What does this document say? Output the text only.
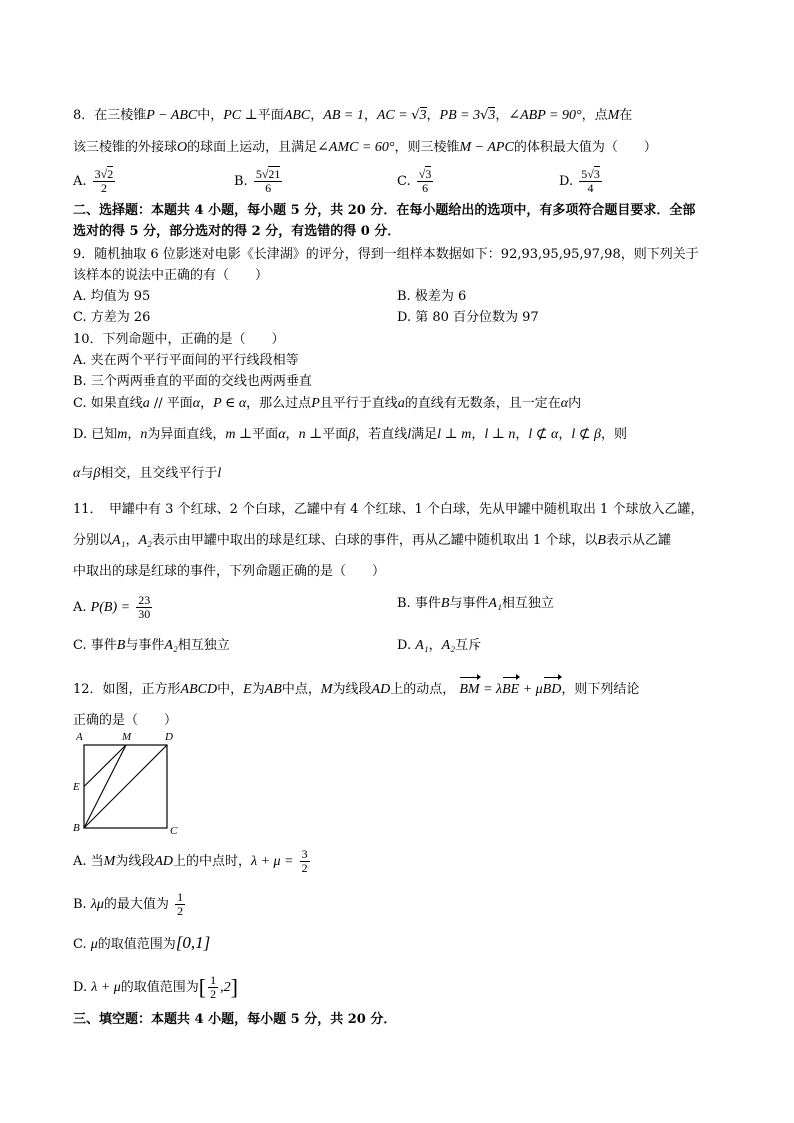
8．在三棱锥P − ABC中，PC ⊥平面ABC，AB = 1，AC = √3，PB = 3√3，∠ABP = 90°，点M在
该三棱锥的外接球O的球面上运动，且满足∠AMC = 60°，则三棱锥M − APC的体积最大值为（　　）
A. $\frac{3√2}{2}$	B. $\frac{5√21}{6}$	C. $\frac{√3}{6}$	D. $\frac{5√3}{4}$
二、选择题：本题共 4 小题，每小题 5 分，共 20 分．在每小题给出的选项中，有多项符合题目要求．全部
选对的得 5 分，部分选对的得 2 分，有选错的得 0 分．
9．随机抽取 6 位影迷对电影《长津湖》的评分，得到一组样本数据如下：92,93,95,95,97,98，则下列关于
该样本的说法中正确的有（　　）
A. 均值为 95	B. 极差为 6
C. 方差为 26	D. 第 80 百分位数为 97
10．下列命题中，正确的是（　　）
A. 夹在两个平行平面间的平行线段相等
B. 三个两两垂直的平面的交线也两两垂直
C. 如果直线a // 平面α，P ∈ α，那么过点P且平行于直线a的直线有无数条，且一定在α内
D. 已知m，n为异面直线，m ⊥平面α，n ⊥平面β，若直线l满足l ⊥ m，l ⊥ n，l ⊄ α，l ⊄ β，则
α与β相交，且交线平行于l
11．　甲罐中有 3 个红球、2 个白球，乙罐中有 4 个红球、1 个白球，先从甲罐中随机取出 1 个球放入乙罐，
分别以A₁，A₂表示由甲罐中取出的球是红球、白球的事件，再从乙罐中随机取出 1 个球，以B表示从乙罐
中取出的球是红球的事件，下列命题正确的是（　　）
A. $P(B) = \frac{23}{30}$	B. 事件B与事件A₁相互独立
C. 事件B与事件A₂相互独立	D. A₁，A₂互斥
12．如图，正方形ABCD中，E为AB中点，M为线段AD上的动点， BM = λBE + μBD，则下列结论
正确的是（　　）
A	M	D
E
B	C
A. 当M为线段AD上的中点时，$\lambda + \mu = \frac{3}{2}$
B. λμ的最大值为 $\frac{1}{2}$
C. μ的取值范围为[0,1]
D. λ + μ的取值范围为[ $\frac{1}{2} ,2$]
三、填空题：本题共 4 小题，每小题 5 分，共 20 分．
